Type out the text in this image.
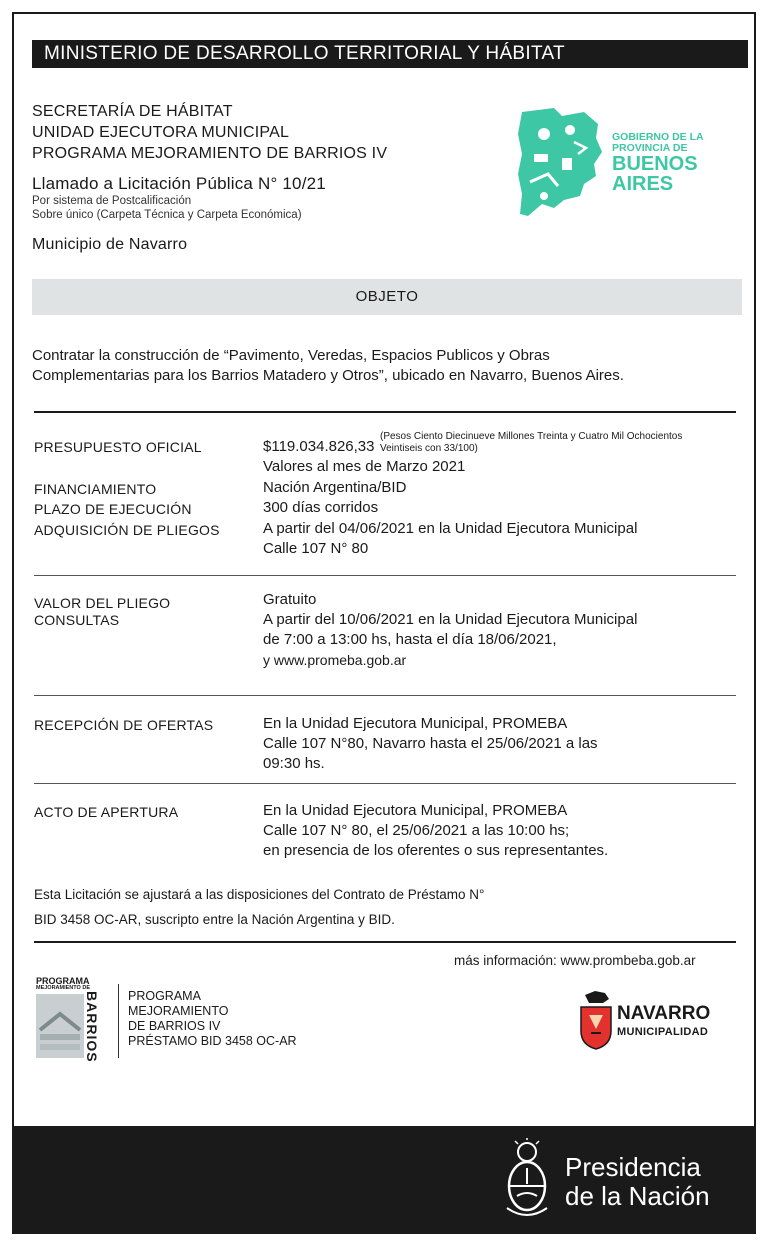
MINISTERIO DE DESARROLLO TERRITORIAL Y HÁBITAT
SECRETARÍA DE HÁBITAT
UNIDAD EJECUTORA MUNICIPAL
PROGRAMA MEJORAMIENTO DE BARRIOS IV
Llamado a Licitación Pública N° 10/21
Por sistema de Postcalificación
Sobre único (Carpeta Técnica y Carpeta Económica)
Municipio de Navarro
GOBIERNO DE LA
PROVINCIA DE
BUENOS
AIRES
OBJETO
Contratar la construcción de “Pavimento, Veredas, Espacios Publicos y Obras
Complementarias para los Barrios Matadero y Otros”, ubicado en Navarro, Buenos Aires.
PRESUPUESTO OFICIAL	$119.034.826,33
(Pesos Ciento Diecinueve Millones Treinta y Cuatro Mil Ochocientos
Veintiseis con 33/100)
Valores al mes de Marzo 2021
FINANCIAMIENTO	Nación Argentina/BID
PLAZO DE EJECUCIÓN	300 días corridos
ADQUISICIÓN DE PLIEGOS	A partir del 04/06/2021 en la Unidad Ejecutora Municipal
Calle 107 N° 80
VALOR DEL PLIEGO	Gratuito
CONSULTAS	A partir del 10/06/2021 en la Unidad Ejecutora Municipal
de 7:00 a 13:00 hs, hasta el día 18/06/2021,
y www.promeba.gob.ar
RECEPCIÓN DE OFERTAS	En la Unidad Ejecutora Municipal, PROMEBA
Calle 107 N°80, Navarro hasta el 25/06/2021 a las
09:30 hs.
ACTO DE APERTURA	En la Unidad Ejecutora Municipal, PROMEBA
Calle 107 N° 80, el 25/06/2021 a las 10:00 hs;
en presencia de los oferentes o sus representantes.
Esta Licitación se ajustará a las disposiciones del Contrato de Préstamo N°
BID 3458 OC-AR, suscripto entre la Nación Argentina y BID.
más información: www.prombeba.gob.ar
PROGRAMA
MEJORAMIENTO DE
BARRIOS PROGRAMA
MEJORAMIENTO
DE BARRIOS IV
PRÉSTAMO BID 3458 OC-AR
NAVARRO
MUNICIPALIDAD
Presidencia
de la Nación
